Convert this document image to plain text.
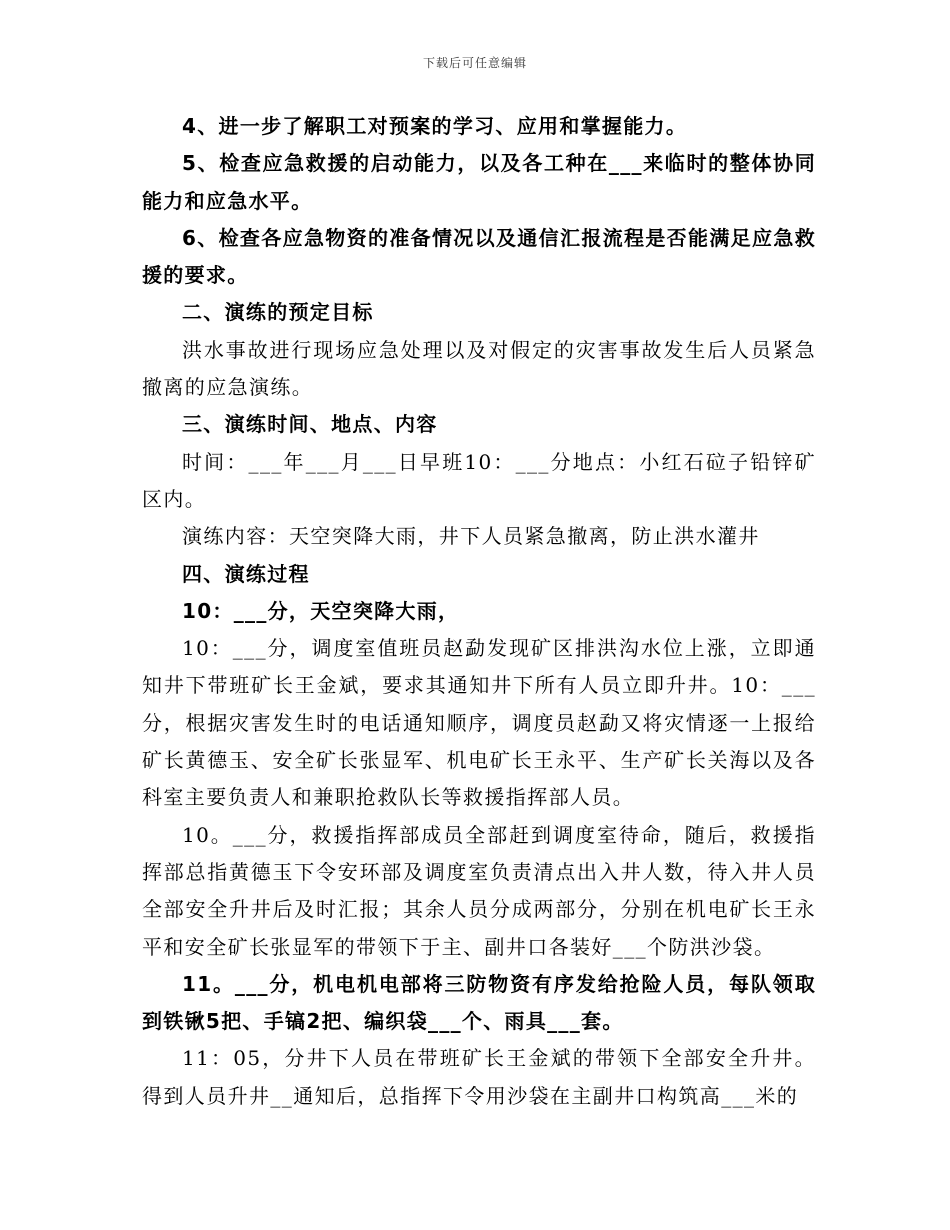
下载后可任意编辑

4、进一步了解职工对预案的学习、应用和掌握能力。

5、检查应急救援的启动能力，以及各工种在___来临时的整体协同能力和应急水平。

6、检查各应急物资的准备情况以及通信汇报流程是否能满足应急救援的要求。

二、演练的预定目标

洪水事故进行现场应急处理以及对假定的灾害事故发生后人员紧急撤离的应急演练。

三、演练时间、地点、内容

时间：___年___月___日早班10：___分地点：小红石砬子铅锌矿区内。

演练内容：天空突降大雨，井下人员紧急撤离，防止洪水灌井

四、演练过程

10：___分，天空突降大雨，

10：___分，调度室值班员赵勐发现矿区排洪沟水位上涨，立即通知井下带班矿长王金斌，要求其通知井下所有人员立即升井。10：___分，根据灾害发生时的电话通知顺序，调度员赵勐又将灾情逐一上报给矿长黄德玉、安全矿长张显军、机电矿长王永平、生产矿长关海以及各科室主要负责人和兼职抢救队长等救援指挥部人员。

10。___分，救援指挥部成员全部赶到调度室待命，随后，救援指挥部总指黄德玉下令安环部及调度室负责清点出入井人数，待入井人员全部安全升井后及时汇报；其余人员分成两部分，分别在机电矿长王永平和安全矿长张显军的带领下于主、副井口各装好___个防洪沙袋。

11。___分，机电机电部将三防物资有序发给抢险人员，每队领取到铁锹5把、手镐2把、编织袋___个、雨具___套。

11：05，分井下人员在带班矿长王金斌的带领下全部安全升井。得到人员升井__通知后，总指挥下令用沙袋在主副井口构筑高___米的
